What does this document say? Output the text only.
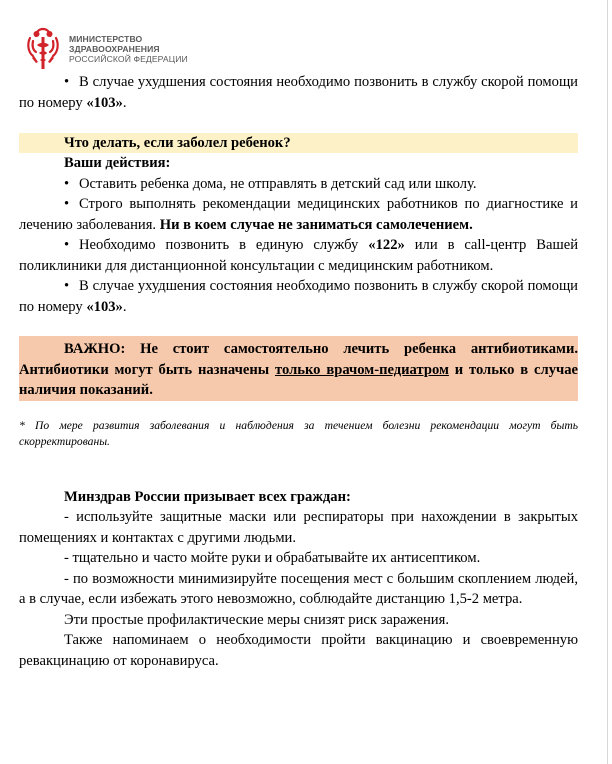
МИНИСТЕРСТВО
ЗДРАВООХРАНЕНИЯ
РОССИЙСКОЙ ФЕДЕРАЦИИ

• В случае ухудшения состояния необходимо позвонить в службу скорой помощи по номеру «103».

Что делать, если заболел ребенок?

Ваши действия:

• Оставить ребенка дома, не отправлять в детский сад или школу.

• Строго выполнять рекомендации медицинских работников по диагностике и лечению заболевания. Ни в коем случае не заниматься самолечением.

• Необходимо позвонить в единую службу «122» или в call-центр Вашей поликлиники для дистанционной консультации с медицинским работником.

• В случае ухудшения состояния необходимо позвонить в службу скорой помощи по номеру «103».

ВАЖНО: Не стоит самостоятельно лечить ребенка антибиотиками. Антибиотики могут быть назначены только врачом-педиатром и только в случае наличия показаний.

* По мере развития заболевания и наблюдения за течением болезни рекомендации могут быть скорректированы.

Минздрав России призывает всех граждан:

- используйте защитные маски или респираторы при нахождении в закрытых помещениях и контактах с другими людьми.

- тщательно и часто мойте руки и обрабатывайте их антисептиком.

- по возможности минимизируйте посещения мест с большим скоплением людей, а в случае, если избежать этого невозможно, соблюдайте дистанцию 1,5-2 метра.

Эти простые профилактические меры снизят риск заражения.

Также напоминаем о необходимости пройти вакцинацию и своевременную ревакцинацию от коронавируса.
